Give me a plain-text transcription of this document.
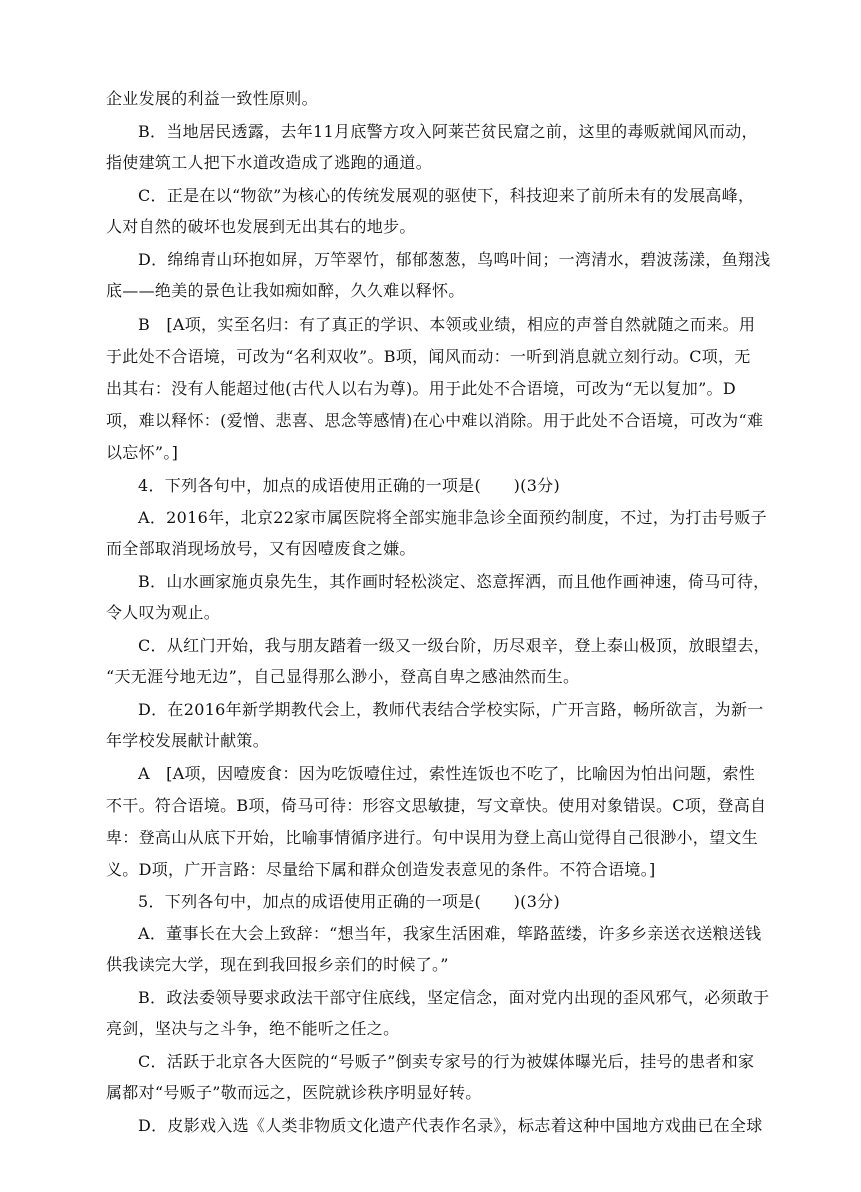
企业发展的利益一致性原则。
B．当地居民透露，去年11月底警方攻入阿莱芒贫民窟之前，这里的毒贩就闻风而动，
指使建筑工人把下水道改造成了逃跑的通道。
C．正是在以“物欲”为核心的传统发展观的驱使下，科技迎来了前所未有的发展高峰，
人对自然的破坏也发展到无出其右的地步。
D．绵绵青山环抱如屏，万竿翠竹，郁郁葱葱，鸟鸣叶间；一湾清水，碧波荡漾，鱼翔浅
底——绝美的景色让我如痴如醉，久久难以释怀。
B　[A项，实至名归：有了真正的学识、本领或业绩，相应的声誉自然就随之而来。用
于此处不合语境，可改为“名利双收”。B项，闻风而动：一听到消息就立刻行动。C项，无
出其右：没有人能超过他(古代人以右为尊)。用于此处不合语境，可改为“无以复加”。D
项，难以释怀：(爱憎、悲喜、思念等感情)在心中难以消除。用于此处不合语境，可改为“难
以忘怀”。]
4．下列各句中，加点的成语使用正确的一项是(　　)(3分)
A．2016年，北京22家市属医院将全部实施非急诊全面预约制度，不过，为打击号贩子
而全部取消现场放号，又有因噎废食之嫌。
B．山水画家施贞泉先生，其作画时轻松淡定、恣意挥洒，而且他作画神速，倚马可待，
令人叹为观止。
C．从红门开始，我与朋友踏着一级又一级台阶，历尽艰辛，登上泰山极顶，放眼望去，
“天无涯兮地无边”，自己显得那么渺小，登高自卑之感油然而生。
D．在2016年新学期教代会上，教师代表结合学校实际，广开言路，畅所欲言，为新一
年学校发展献计献策。
A　[A项，因噎废食：因为吃饭噎住过，索性连饭也不吃了，比喻因为怕出问题，索性
不干。符合语境。B项，倚马可待：形容文思敏捷，写文章快。使用对象错误。C项，登高自
卑：登高山从底下开始，比喻事情循序进行。句中误用为登上高山觉得自己很渺小，望文生
义。D项，广开言路：尽量给下属和群众创造发表意见的条件。不符合语境。]
5．下列各句中，加点的成语使用正确的一项是(　　)(3分)
A．董事长在大会上致辞：“想当年，我家生活困难，筚路蓝缕，许多乡亲送衣送粮送钱
供我读完大学，现在到我回报乡亲们的时候了。”
B．政法委领导要求政法干部守住底线，坚定信念，面对党内出现的歪风邪气，必须敢于
亮剑，坚决与之斗争，绝不能听之任之。
C．活跃于北京各大医院的“号贩子”倒卖专家号的行为被媒体曝光后，挂号的患者和家
属都对“号贩子”敬而远之，医院就诊秩序明显好转。
D．皮影戏入选《人类非物质文化遗产代表作名录》，标志着这种中国地方戏曲已在全球
